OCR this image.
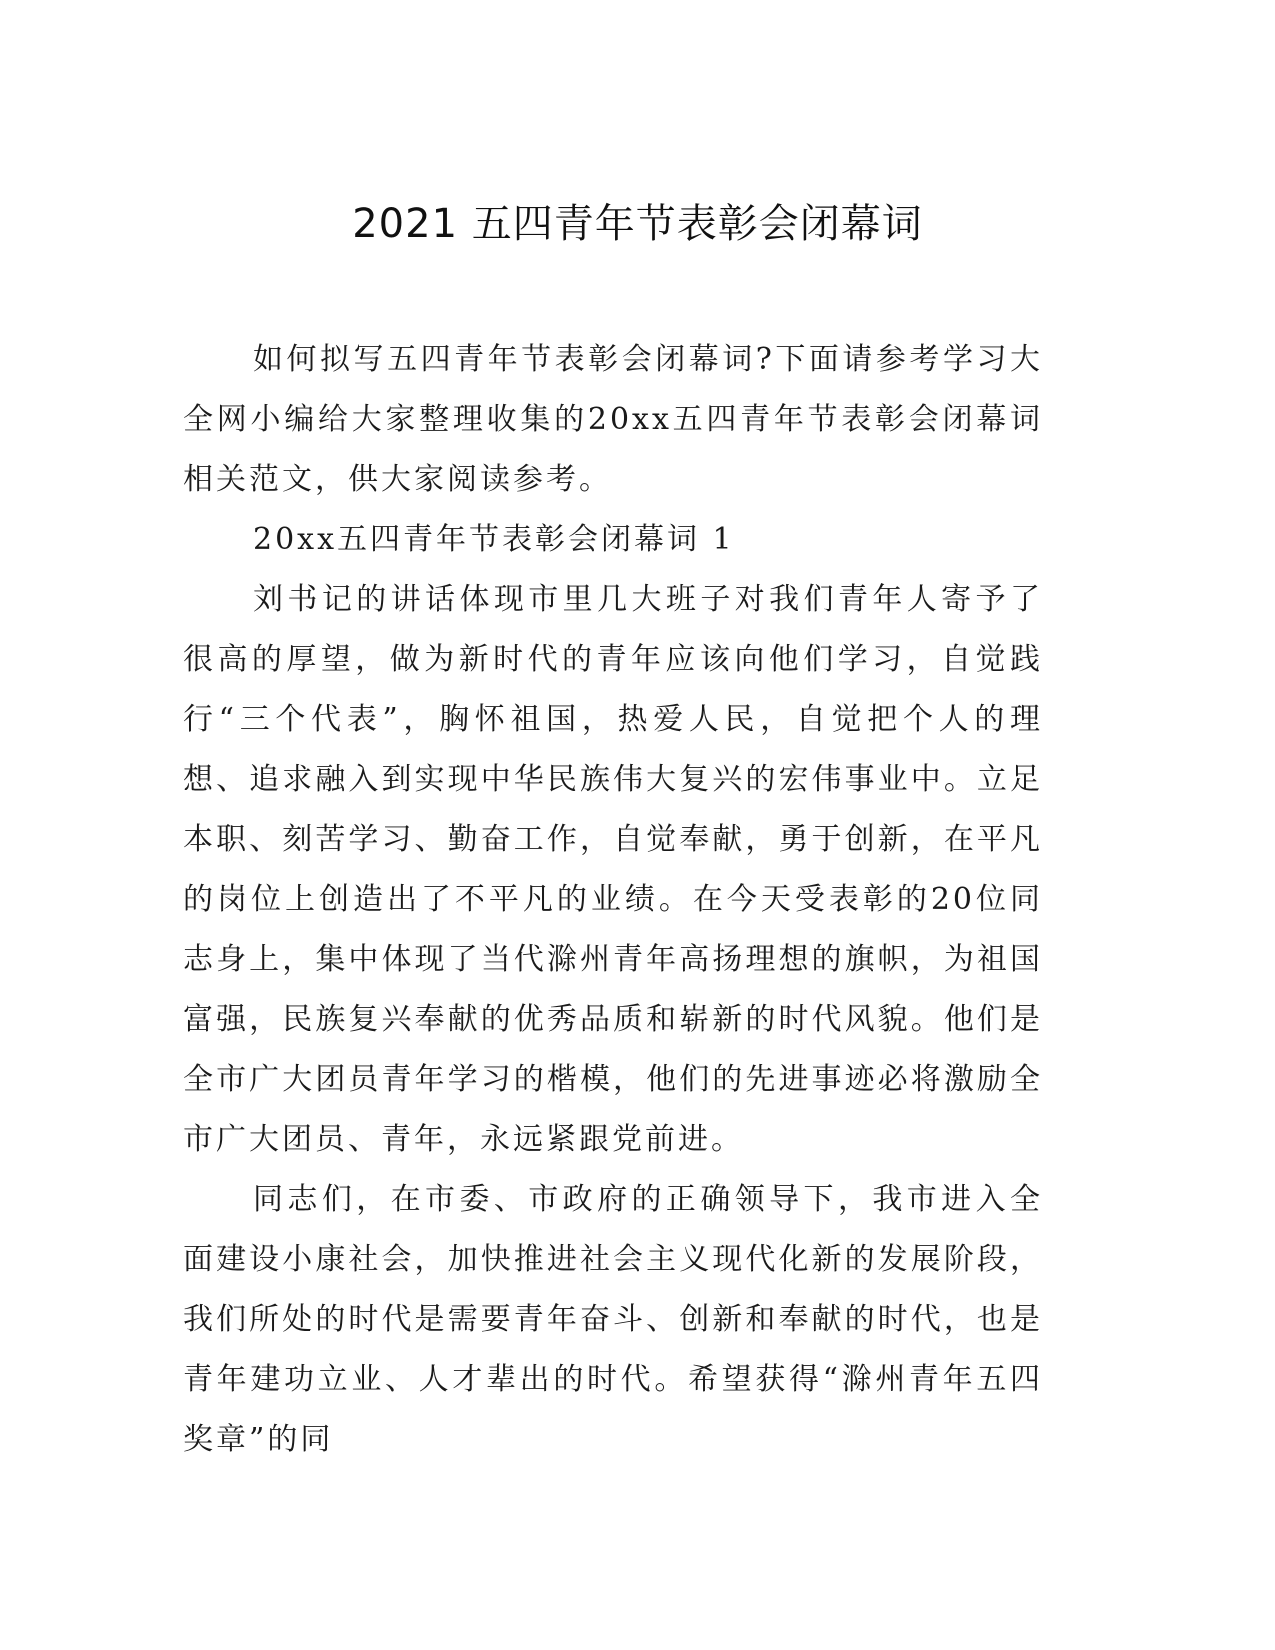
2021 五四青年节表彰会闭幕词

如何拟写五四青年节表彰会闭幕词?下面请参考学习大全网小编给大家整理收集的20xx五四青年节表彰会闭幕词相关范文，供大家阅读参考。

20xx五四青年节表彰会闭幕词 1

刘书记的讲话体现市里几大班子对我们青年人寄予了很高的厚望，做为新时代的青年应该向他们学习，自觉践行“三个代表”，胸怀祖国，热爱人民，自觉把个人的理想、追求融入到实现中华民族伟大复兴的宏伟事业中。立足本职、刻苦学习、勤奋工作，自觉奉献，勇于创新，在平凡的岗位上创造出了不平凡的业绩。在今天受表彰的20位同志身上，集中体现了当代滁州青年高扬理想的旗帜，为祖国富强，民族复兴奉献的优秀品质和崭新的时代风貌。他们是全市广大团员青年学习的楷模，他们的先进事迹必将激励全市广大团员、青年，永远紧跟党前进。

同志们，在市委、市政府的正确领导下，我市进入全面建设小康社会，加快推进社会主义现代化新的发展阶段，我们所处的时代是需要青年奋斗、创新和奉献的时代，也是青年建功立业、人才辈出的时代。希望获得“滁州青年五四奖章”的同
